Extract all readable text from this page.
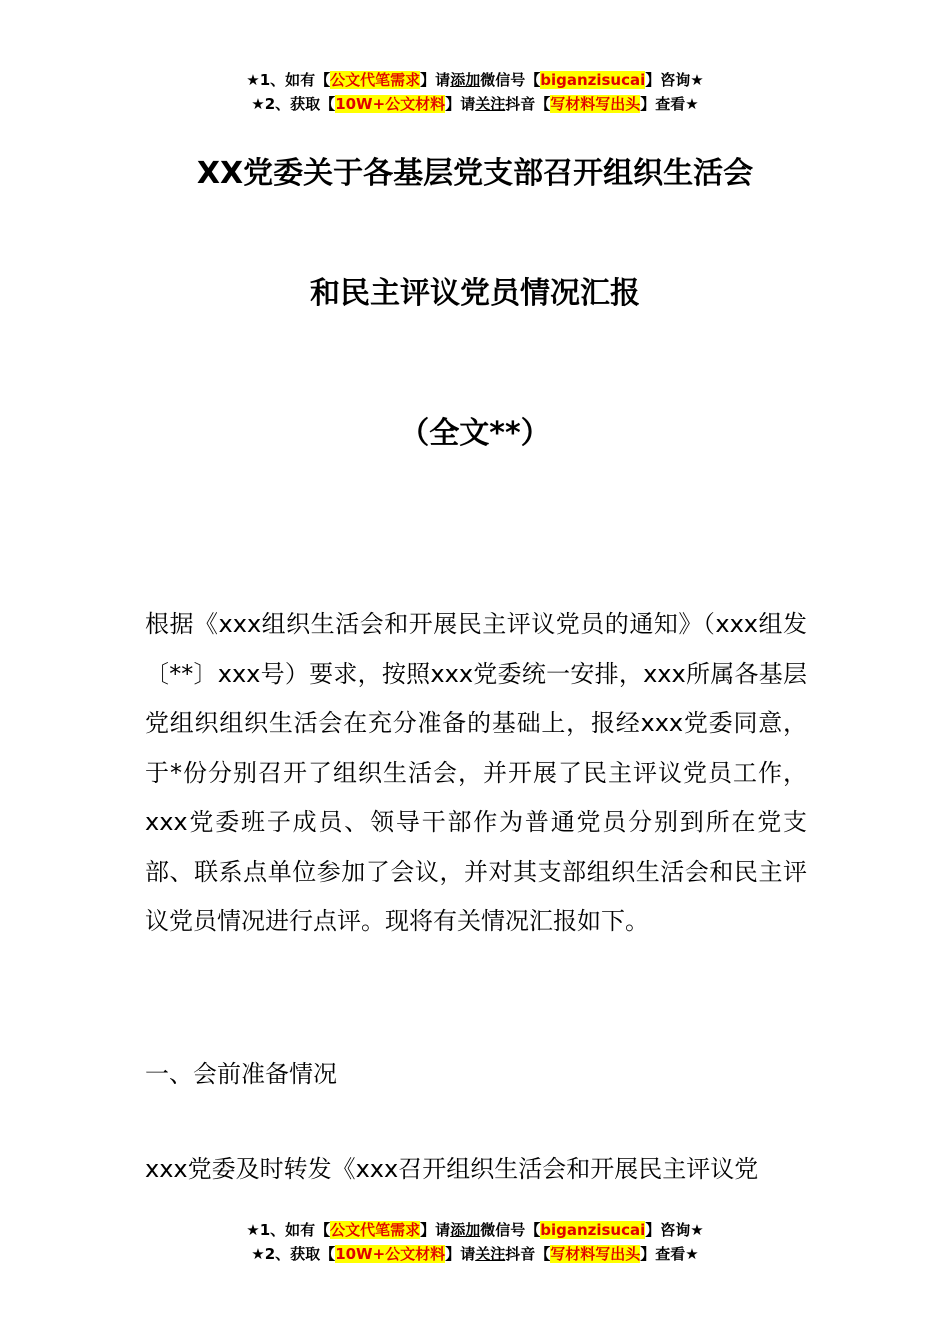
★1、如有【公文代笔需求】请添加微信号【biganzisucai】咨询★
★2、获取【10W+公文材料】请关注抖音【写材料写出头】查看★
XX党委关于各基层党支部召开组织生活会
和民主评议党员情况汇报
（全文**）

根据《xxx组织生活会和开展民主评议党员的通知》（xxx组发〔**〕xxx号）要求，按照xxx党委统一安排，xxx所属各基层党组织组织生活会在充分准备的基础上，报经xxx党委同意，于*份分别召开了组织生活会，并开展了民主评议党员工作，xxx党委班子成员、领导干部作为普通党员分别到所在党支部、联系点单位参加了会议，并对其支部组织生活会和民主评议党员情况进行点评。现将有关情况汇报如下。

一、会前准备情况

xxx党委及时转发《xxx召开组织生活会和开展民主评议党

★1、如有【公文代笔需求】请添加微信号【biganzisucai】咨询★
★2、获取【10W+公文材料】请关注抖音【写材料写出头】查看★
